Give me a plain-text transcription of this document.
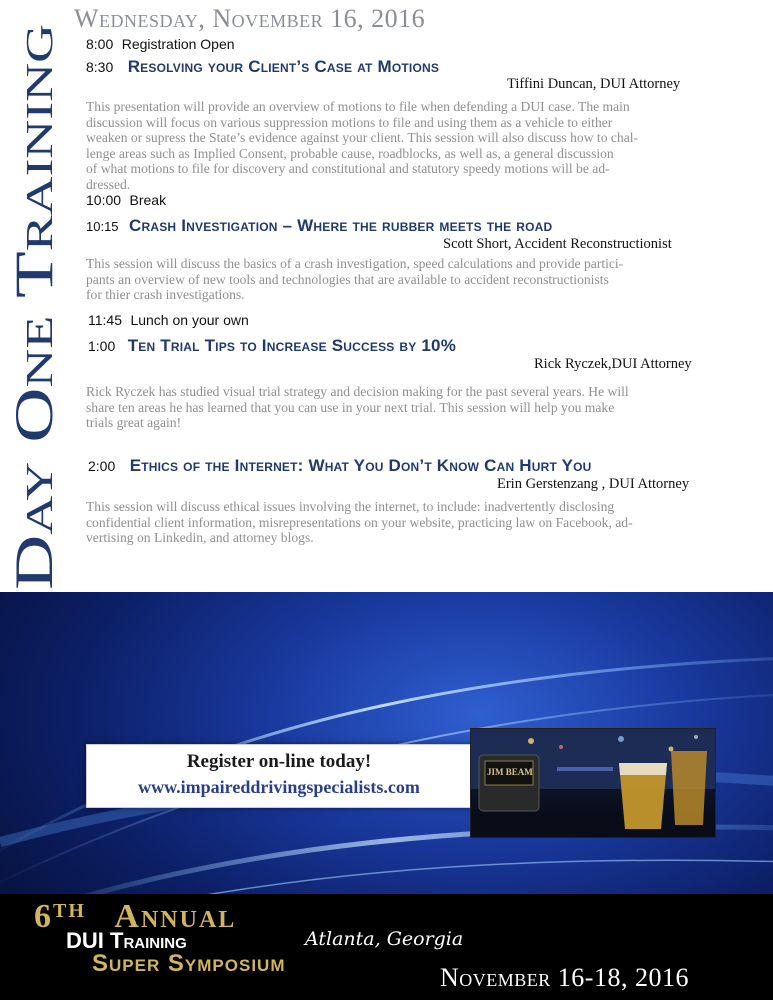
Day One Training
Wednesday, November 16, 2016
8:00 Registration Open
8:30 Resolving your Client’s Case at Motions
Tiffini Duncan, DUI Attorney
This presentation will provide an overview of motions to file when defending a DUI case. The main
discussion will focus on various suppression motions to file and using them as a vehicle to either
weaken or supress the State’s evidence against your client. This session will also discuss how to chal-
lenge areas such as Implied Consent, probable cause, roadblocks, as well as, a general discussion
of what motions to file for discovery and constitutional and statutory speedy motions will be ad-
dressed.
10:00 Break
10:15 Crash Investigation – Where the rubber meets the road
Scott Short, Accident Reconstructionist
This session will discuss the basics of a crash investigation, speed calculations and provide partici-
pants an overview of new tools and technologies that are available to accident reconstructionists
for thier crash investigations.
11:45 Lunch on your own
1:00 Ten Trial Tips to Increase Success by 10%
Rick Ryczek,DUI Attorney
Rick Ryczek has studied visual trial strategy and decision making for the past several years. He will
share ten areas he has learned that you can use in your next trial. This session will help you make
trials great again!
2:00 Ethics of the Internet: What You Don’t Know Can Hurt You
Erin Gerstenzang , DUI Attorney
This session will discuss ethical issues involving the internet, to include: inadvertently disclosing
confidential client information, misrepresentations on your website, practicing law on Facebook, ad-
vertising on Linkedin, and attorney blogs.
Register on-line today!
www.impaireddrivingspecialists.com
JIM BEAM
6TH Annual
DUI Training	Atlanta, Georgia
Super Symposium	November 16-18, 2016
